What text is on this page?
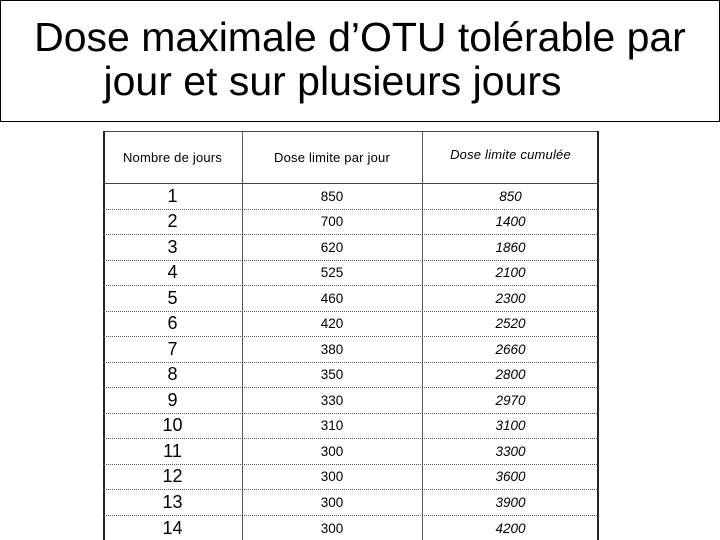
Dose maximale d’OTU tolérable par
jour et sur plusieurs jours
Nombre de jours	Dose limite par jour	Dose limite cumulée
1	850	850
2	700	1400
3	620	1860
4	525	2100
5	460	2300
6	420	2520
7	380	2660
8	350	2800
9	330	2970
10	310	3100
11	300	3300
12	300	3600
13	300	3900
14	300	4200
